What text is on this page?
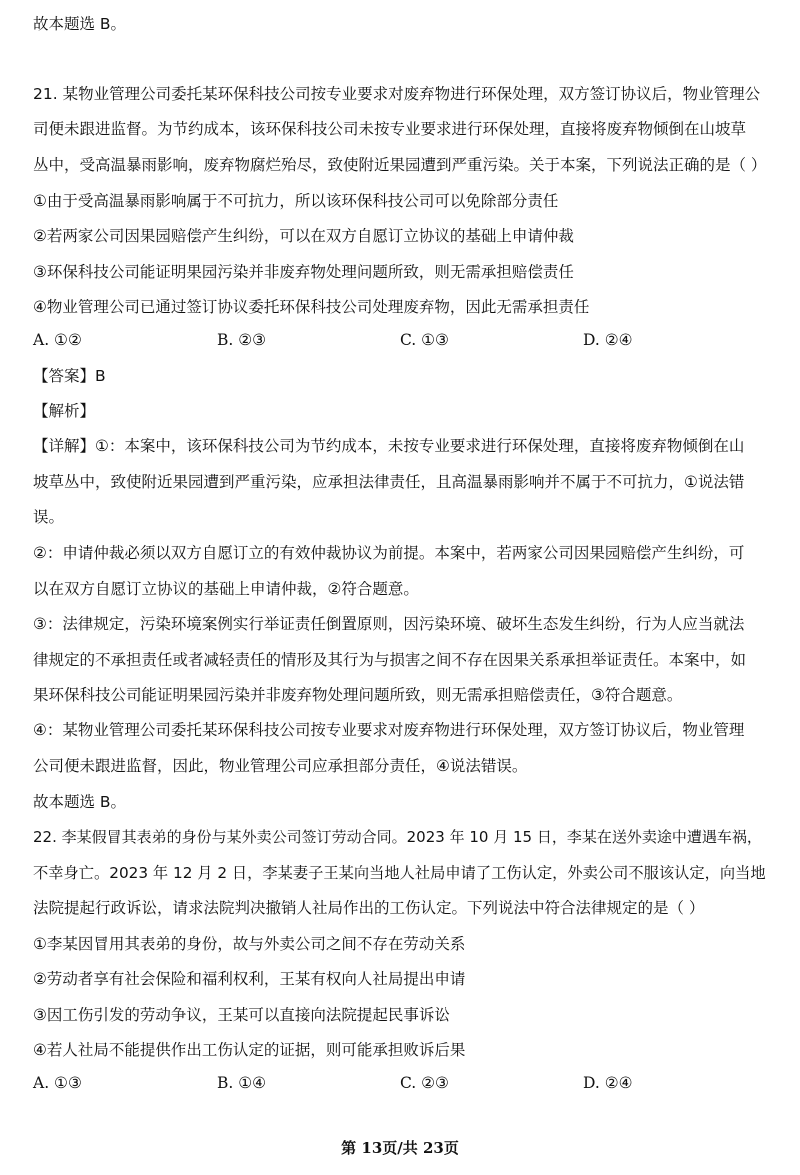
故本题选 B。
21. 某物业管理公司委托某环保科技公司按专业要求对废弃物进行环保处理，双方签订协议后，物业管理公
司便未跟进监督。为节约成本，该环保科技公司未按专业要求进行环保处理，直接将废弃物倾倒在山坡草
丛中，受高温暴雨影响，废弃物腐烂殆尽，致使附近果园遭到严重污染。关于本案，下列说法正确的是（ ）
①由于受高温暴雨影响属于不可抗力，所以该环保科技公司可以免除部分责任
②若两家公司因果园赔偿产生纠纷，可以在双方自愿订立协议的基础上申请仲裁
③环保科技公司能证明果园污染并非废弃物处理问题所致，则无需承担赔偿责任
④物业管理公司已通过签订协议委托环保科技公司处理废弃物，因此无需承担责任
A. ①②	B. ②③	C. ①③	D. ②④
【答案】B
【解析】
【详解】①：本案中，该环保科技公司为节约成本，未按专业要求进行环保处理，直接将废弃物倾倒在山
坡草丛中，致使附近果园遭到严重污染，应承担法律责任，且高温暴雨影响并不属于不可抗力，①说法错
误。
②：申请仲裁必须以双方自愿订立的有效仲裁协议为前提。本案中，若两家公司因果园赔偿产生纠纷，可
以在双方自愿订立协议的基础上申请仲裁，②符合题意。
③：法律规定，污染环境案例实行举证责任倒置原则，因污染环境、破坏生态发生纠纷，行为人应当就法
律规定的不承担责任或者减轻责任的情形及其行为与损害之间不存在因果关系承担举证责任。本案中，如
果环保科技公司能证明果园污染并非废弃物处理问题所致，则无需承担赔偿责任，③符合题意。
④：某物业管理公司委托某环保科技公司按专业要求对废弃物进行环保处理，双方签订协议后，物业管理
公司便未跟进监督，因此，物业管理公司应承担部分责任，④说法错误。
故本题选 B。
22. 李某假冒其表弟的身份与某外卖公司签订劳动合同。2023 年 10 月 15 日，李某在送外卖途中遭遇车祸，
不幸身亡。2023 年 12 月 2 日，李某妻子王某向当地人社局申请了工伤认定，外卖公司不服该认定，向当地
法院提起行政诉讼，请求法院判决撤销人社局作出的工伤认定。下列说法中符合法律规定的是（ ）
①李某因冒用其表弟的身份，故与外卖公司之间不存在劳动关系
②劳动者享有社会保险和福利权利，王某有权向人社局提出申请
③因工伤引发的劳动争议，王某可以直接向法院提起民事诉讼
④若人社局不能提供作出工伤认定的证据，则可能承担败诉后果
A. ①③	B. ①④	C. ②③	D. ②④
第 13页/共 23页
